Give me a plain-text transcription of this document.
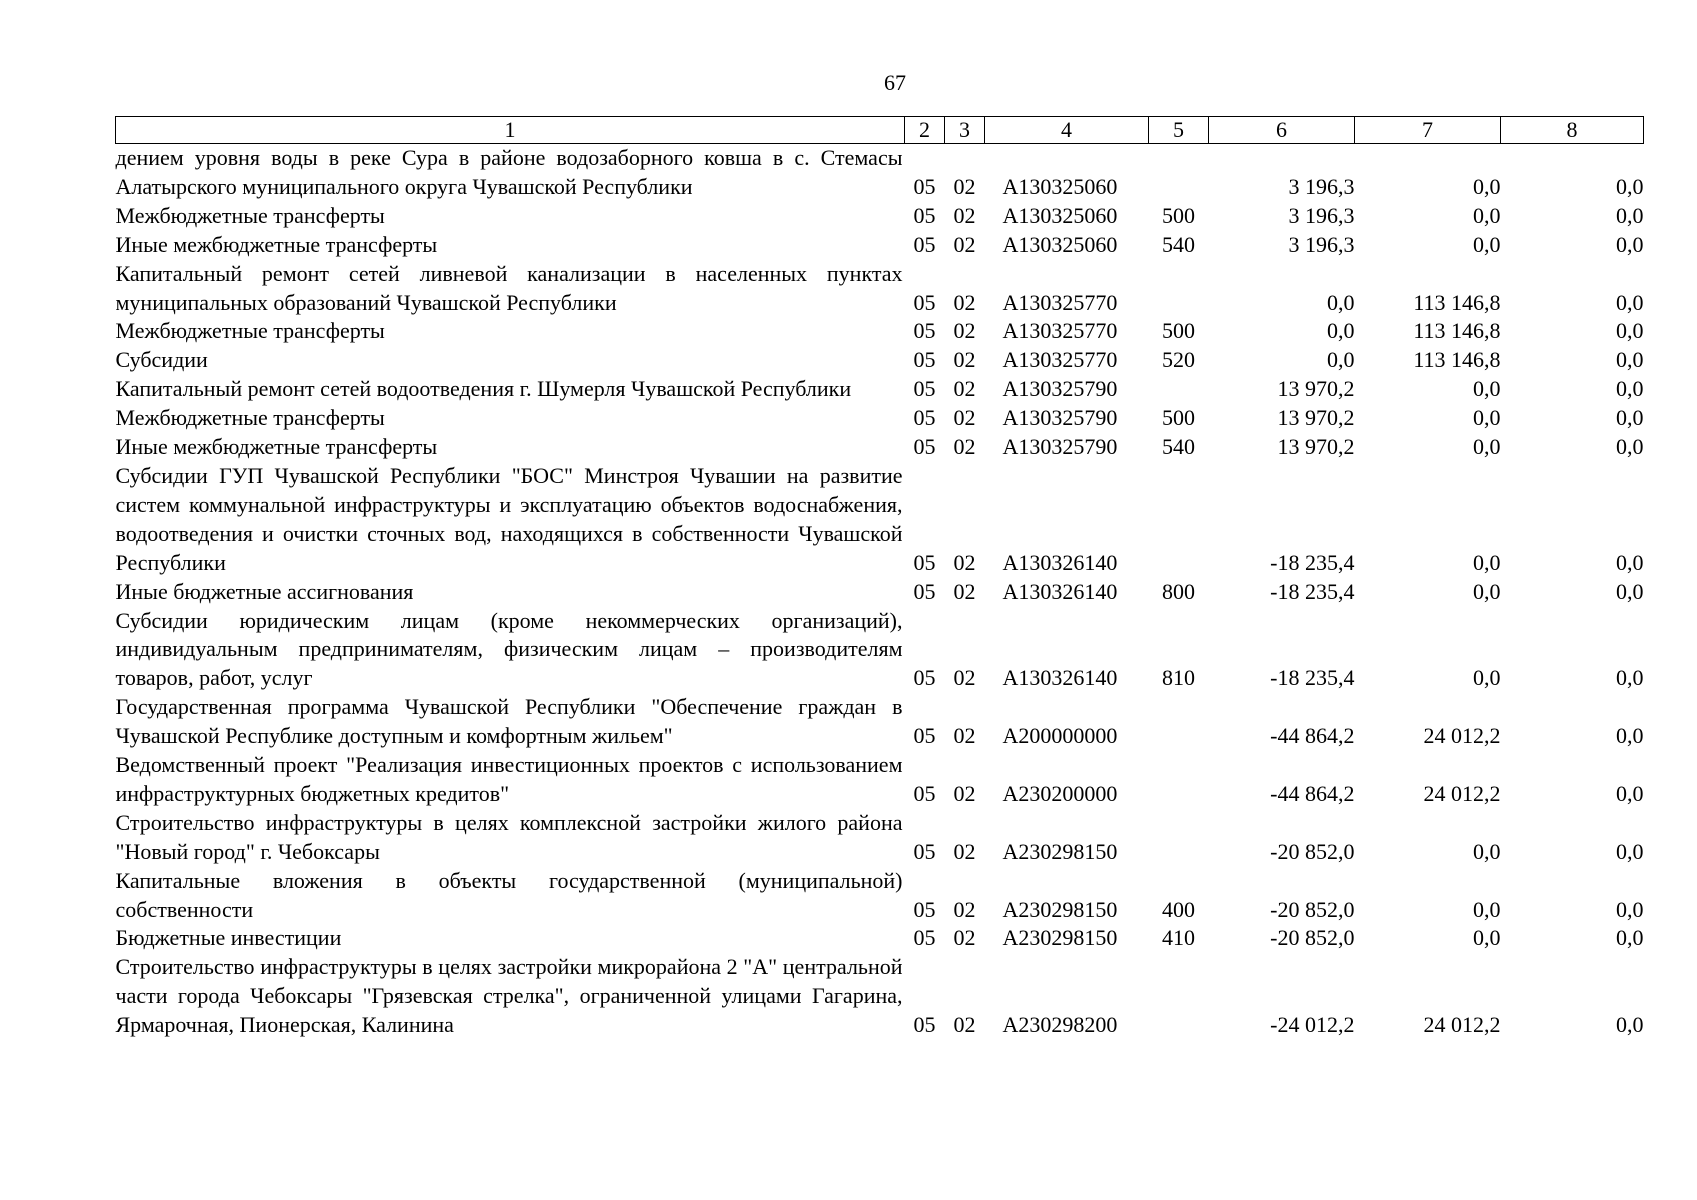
67
1	2	3	4	5	6	7	8
дением уровня воды в реке Сура в районе водозаборного ковша в с. Стемасы Алатырского муниципального округа Чувашской Республики	05	02	А130325060		3 196,3	0,0	0,0
Межбюджетные трансферты	05	02	А130325060	500	3 196,3	0,0	0,0
Иные межбюджетные трансферты	05	02	А130325060	540	3 196,3	0,0	0,0
Капитальный ремонт сетей ливневой канализации в населенных пунктах муниципальных образований Чувашской Республики	05	02	А130325770		0,0	113 146,8	0,0
Межбюджетные трансферты	05	02	А130325770	500	0,0	113 146,8	0,0
Субсидии	05	02	А130325770	520	0,0	113 146,8	0,0
Капитальный ремонт сетей водоотведения г. Шумерля Чувашской Республики	05	02	А130325790		13 970,2	0,0	0,0
Межбюджетные трансферты	05	02	А130325790	500	13 970,2	0,0	0,0
Иные межбюджетные трансферты	05	02	А130325790	540	13 970,2	0,0	0,0
Субсидии ГУП Чувашской Республики "БОС" Минстроя Чувашии на развитие систем коммунальной инфраструктуры и эксплуатацию объектов водоснабжения, водоотведения и очистки сточных вод, находящихся в собственности Чувашской Республики	05	02	А130326140		-18 235,4	0,0	0,0
Иные бюджетные ассигнования	05	02	А130326140	800	-18 235,4	0,0	0,0
Субсидии юридическим лицам (кроме некоммерческих организаций), индивидуальным предпринимателям, физическим лицам – производителям товаров, работ, услуг	05	02	А130326140	810	-18 235,4	0,0	0,0
Государственная программа Чувашской Республики "Обеспечение граждан в Чувашской Республике доступным и комфортным жильем"	05	02	А200000000		-44 864,2	24 012,2	0,0
Ведомственный проект "Реализация инвестиционных проектов с использованием инфраструктурных бюджетных кредитов"	05	02	А230200000		-44 864,2	24 012,2	0,0
Строительство инфраструктуры в целях комплексной застройки жилого района "Новый город" г. Чебоксары	05	02	А230298150		-20 852,0	0,0	0,0
Капитальные вложения в объекты государственной (муниципальной) собственности	05	02	А230298150	400	-20 852,0	0,0	0,0
Бюджетные инвестиции	05	02	А230298150	410	-20 852,0	0,0	0,0
Строительство инфраструктуры в целях застройки микрорайона 2 "А" центральной части города Чебоксары "Грязевская стрелка", ограниченной улицами Гагарина, Ярмарочная, Пионерская, Калинина	05	02	А230298200		-24 012,2	24 012,2	0,0
